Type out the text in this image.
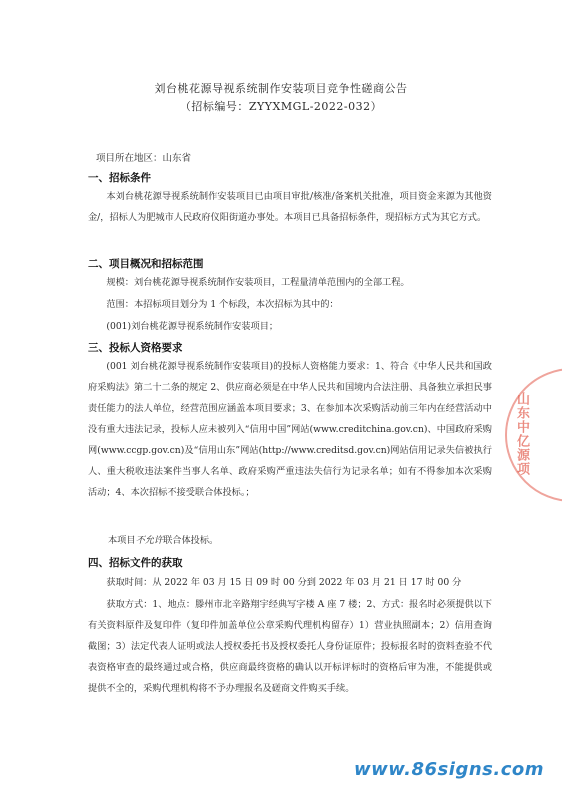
刘台桃花源导视系统制作安装项目竞争性磋商公告
（招标编号：ZYYXMGL-2022-032）
项目所在地区：山东省
一、招标条件
本刘台桃花源导视系统制作安装项目已由项目审批/核准/备案机关批准，项目资金来源为其他资金/，招标人为肥城市人民政府仪阳街道办事处。本项目已具备招标条件，现招标方式为其它方式。
二、项目概况和招标范围
规模：刘台桃花源导视系统制作安装项目，工程量清单范围内的全部工程。
范围：本招标项目划分为 1 个标段，本次招标为其中的：
(001)刘台桃花源导视系统制作安装项目；
三、投标人资格要求
(001 刘台桃花源导视系统制作安装项目)的投标人资格能力要求：1、符合《中华人民共和国政府采购法》第二十二条的规定 2、供应商必须是在中华人民共和国境内合法注册、具备独立承担民事责任能力的法人单位，经营范围应涵盖本项目要求；3、在参加本次采购活动前三年内在经营活动中没有重大违法记录，投标人应未被列入“信用中国”网站(www.creditchina.gov.cn)、中国政府采购网(www.ccgp.gov.cn)及“信用山东”网站(http://www.creditsd.gov.cn)网站信用记录失信被执行人、重大税收违法案件当事人名单、政府采购严重违法失信行为记录名单；如有不得参加本次采购活动；4、本次招标不接受联合体投标。；
本项目不允许联合体投标。
四、招标文件的获取
获取时间：从 2022 年 03 月 15 日 09 时 00 分到 2022 年 03 月 21 日 17 时 00 分
获取方式：1、地点：滕州市北辛路翔宇经典写字楼 A 座 7 楼；2、方式：报名时必须提供以下有关资料原件及复印件（复印件加盖单位公章采购代理机构留存）1）营业执照副本；2）信用查询截图；3）法定代表人证明或法人授权委托书及授权委托人身份证原件；投标报名时的资料查验不代表资格审查的最终通过或合格，供应商最终资格的确认以开标评标时的资格后审为准，不能提供或提供不全的，采购代理机构将不予办理报名及磋商文件购买手续。
山东中亿源项
www.86signs.com
